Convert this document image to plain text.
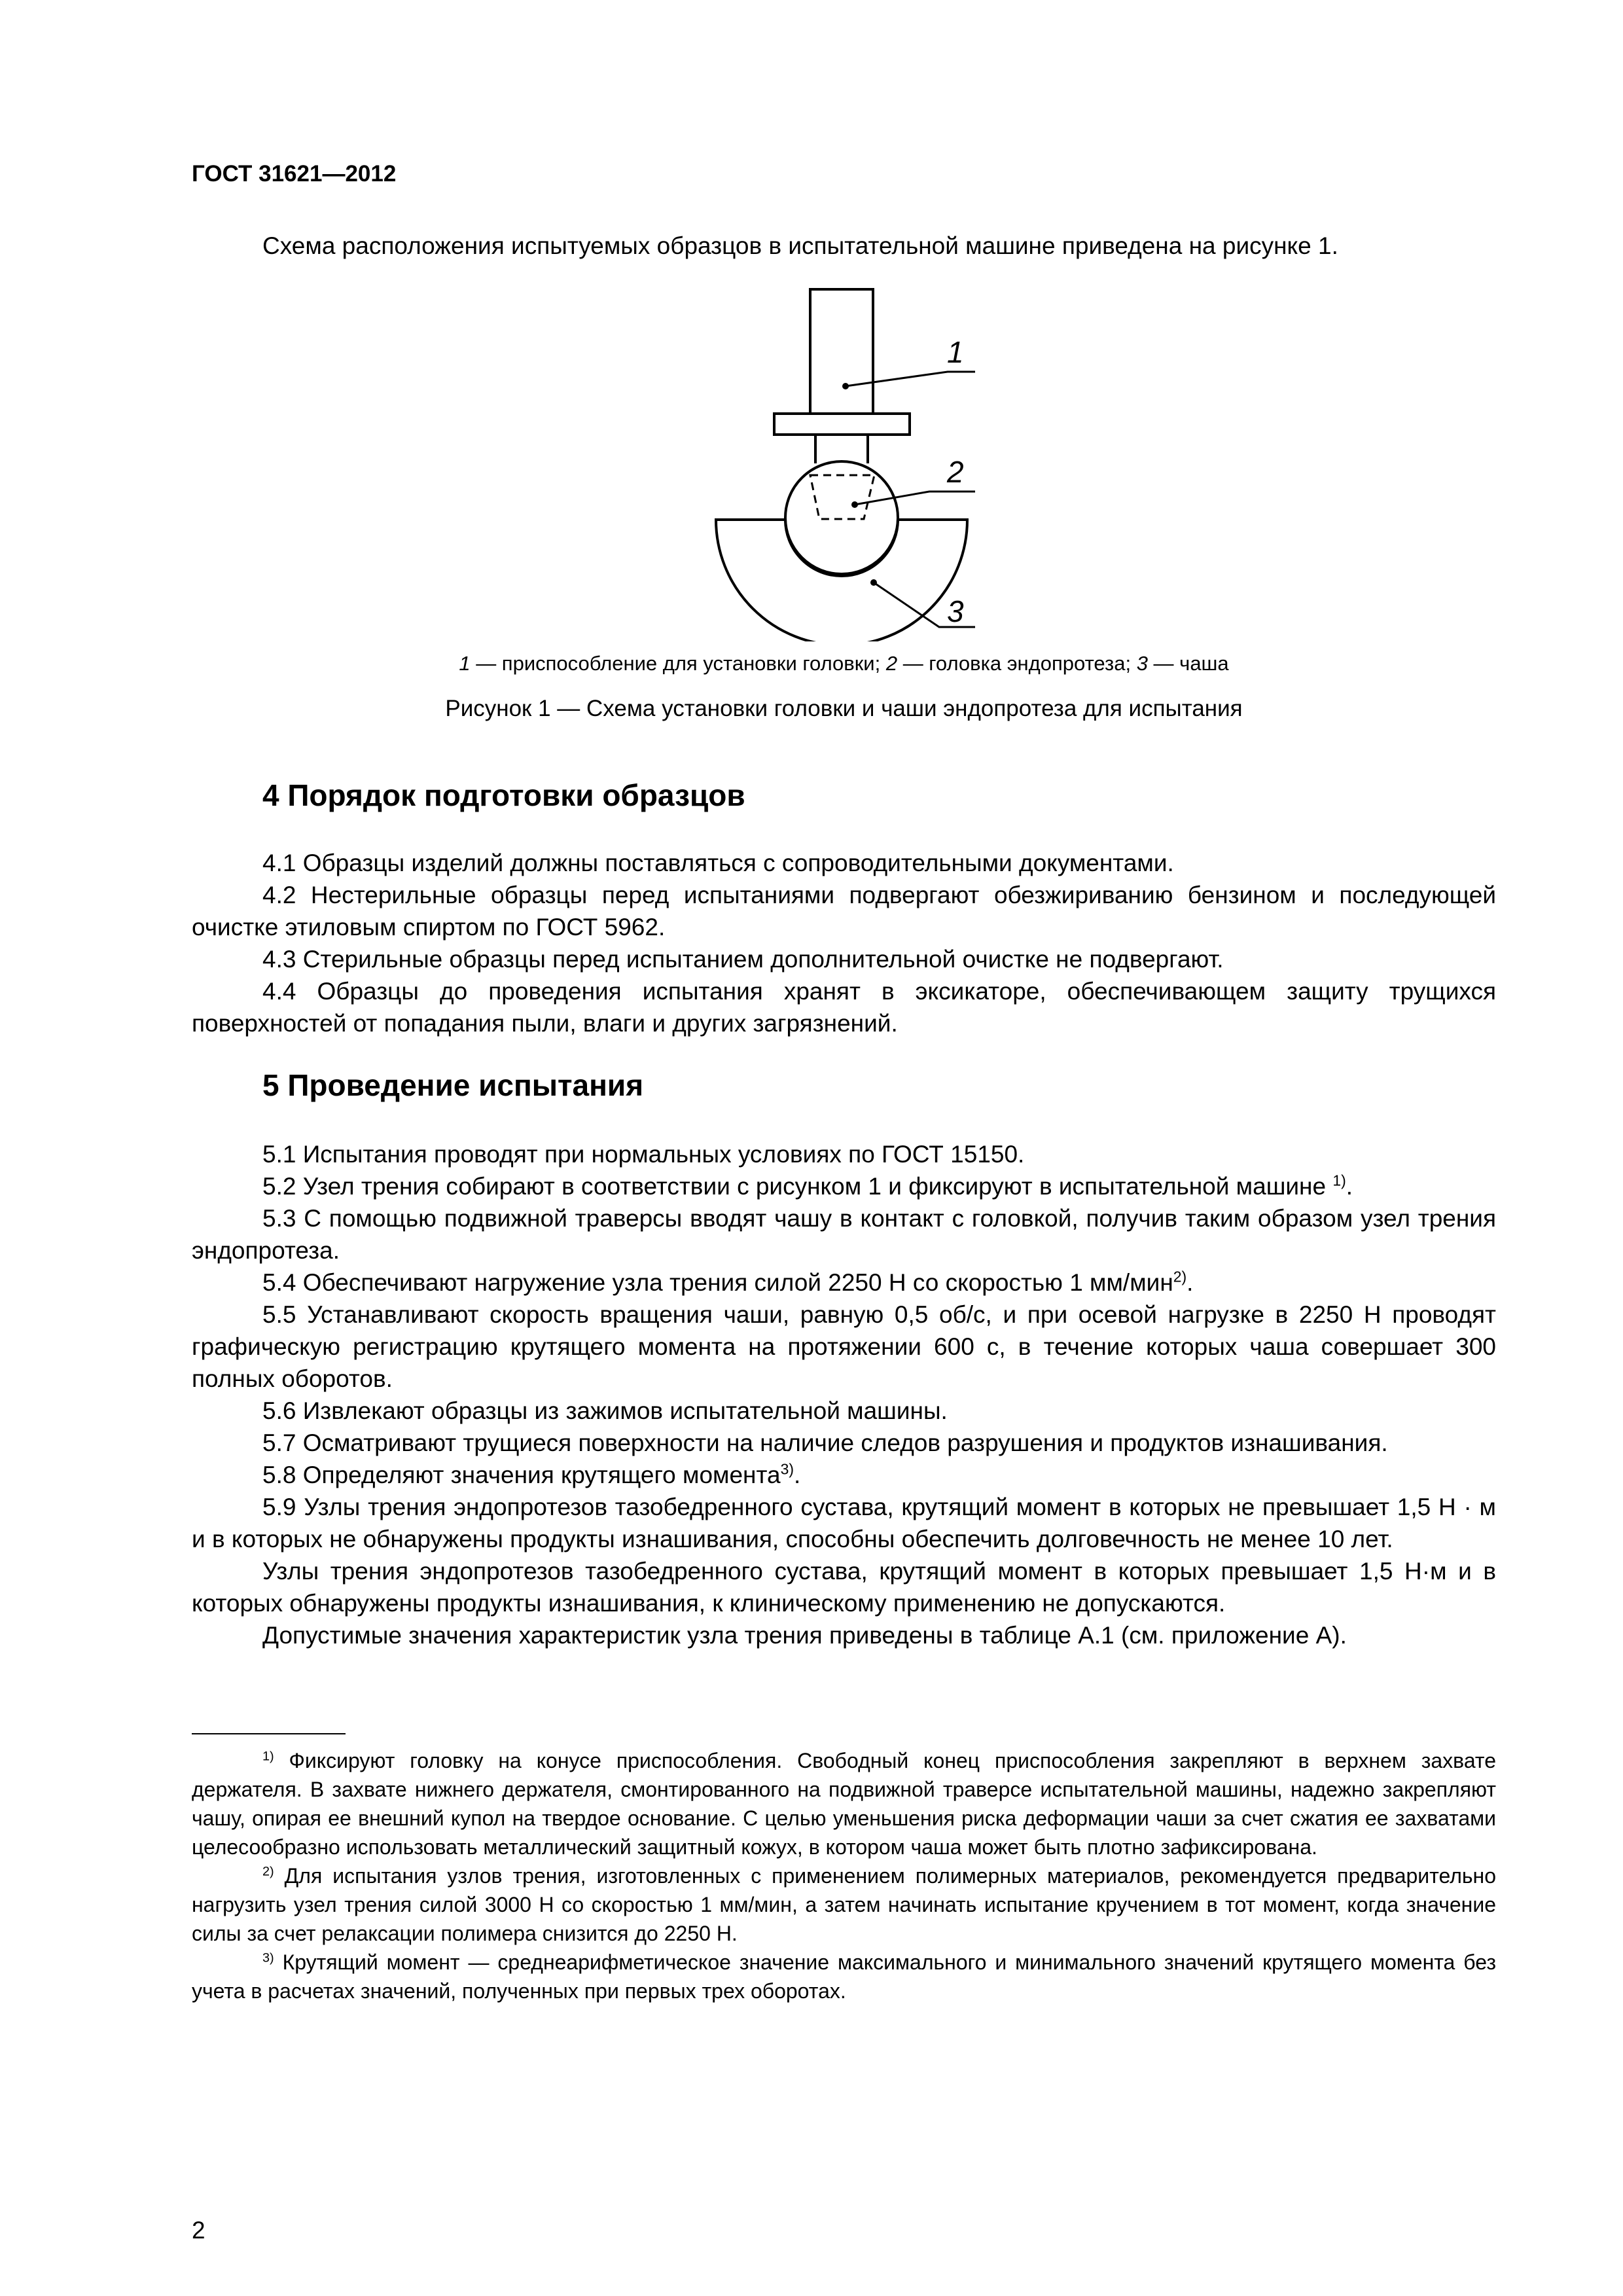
ГОСТ 31621—2012
Схема расположения испытуемых образцов в испытательной машине приведена на рисунке 1.
1
2
3
1 — приспособление для установки головки; 2 — головка эндопротеза; 3 — чаша
Рисунок 1 — Схема установки головки и чаши эндопротеза для испытания
4 Порядок подготовки образцов
4.1 Образцы изделий должны поставляться с сопроводительными документами.
4.2 Нестерильные образцы перед испытаниями подвергают обезжириванию бензином и последующей очистке этиловым спиртом по ГОСТ 5962.
4.3 Стерильные образцы перед испытанием дополнительной очистке не подвергают.
4.4 Образцы до проведения испытания хранят в эксикаторе, обеспечивающем защиту трущихся поверхностей от попадания пыли, влаги и других загрязнений.
5 Проведение испытания
5.1 Испытания проводят при нормальных условиях по ГОСТ 15150.
5.2 Узел трения собирают в соответствии с рисунком 1 и фиксируют в испытательной машине $^{1)}$.
5.3 С помощью подвижной траверсы вводят чашу в контакт с головкой, получив таким образом узел трения эндопротеза.
5.4 Обеспечивают нагружение узла трения силой 2250 Н со скоростью 1 мм/мин$^{2)}$.
5.5 Устанавливают скорость вращения чаши, равную 0,5 об/с, и при осевой нагрузке в 2250 Н проводят графическую регистрацию крутящего момента на протяжении 600 с, в течение которых чаша совершает 300 полных оборотов.
5.6 Извлекают образцы из зажимов испытательной машины.
5.7 Осматривают трущиеся поверхности на наличие следов разрушения и продуктов изнашивания.
5.8 Определяют значения крутящего момента$^{3)}$.
5.9 Узлы трения эндопротезов тазобедренного сустава, крутящий момент в которых не превышает 1,5 Н · м и в которых не обнаружены продукты изнашивания, способны обеспечить долговечность не менее 10 лет.
Узлы трения эндопротезов тазобедренного сустава, крутящий момент в которых превышает 1,5 Н·м и в которых обнаружены продукты изнашивания, к клиническому применению не допускаются.
Допустимые значения характеристик узла трения приведены в таблице А.1 (см. приложение А).
$^{1)}$ Фиксируют головку на конусе приспособления. Свободный конец приспособления закрепляют в верхнем захвате держателя. В захвате нижнего держателя, смонтированного на подвижной траверсе испытательной машины, надежно закрепляют чашу, опирая ее внешний купол на твердое основание. С целью уменьшения риска деформации чаши за счет сжатия ее захватами целесообразно использовать металлический защитный кожух, в котором чаша может быть плотно зафиксирована.
$^{2)}$ Для испытания узлов трения, изготовленных с применением полимерных материалов, рекомендуется предварительно нагрузить узел трения силой 3000 Н со скоростью 1 мм/мин, а затем начинать испытание кручением в тот момент, когда значение силы за счет релаксации полимера снизится до 2250 Н.
$^{3)}$ Крутящий момент — среднеарифметическое значение максимального и минимального значений крутящего момента без учета в расчетах значений, полученных при первых трех оборотах.
2
